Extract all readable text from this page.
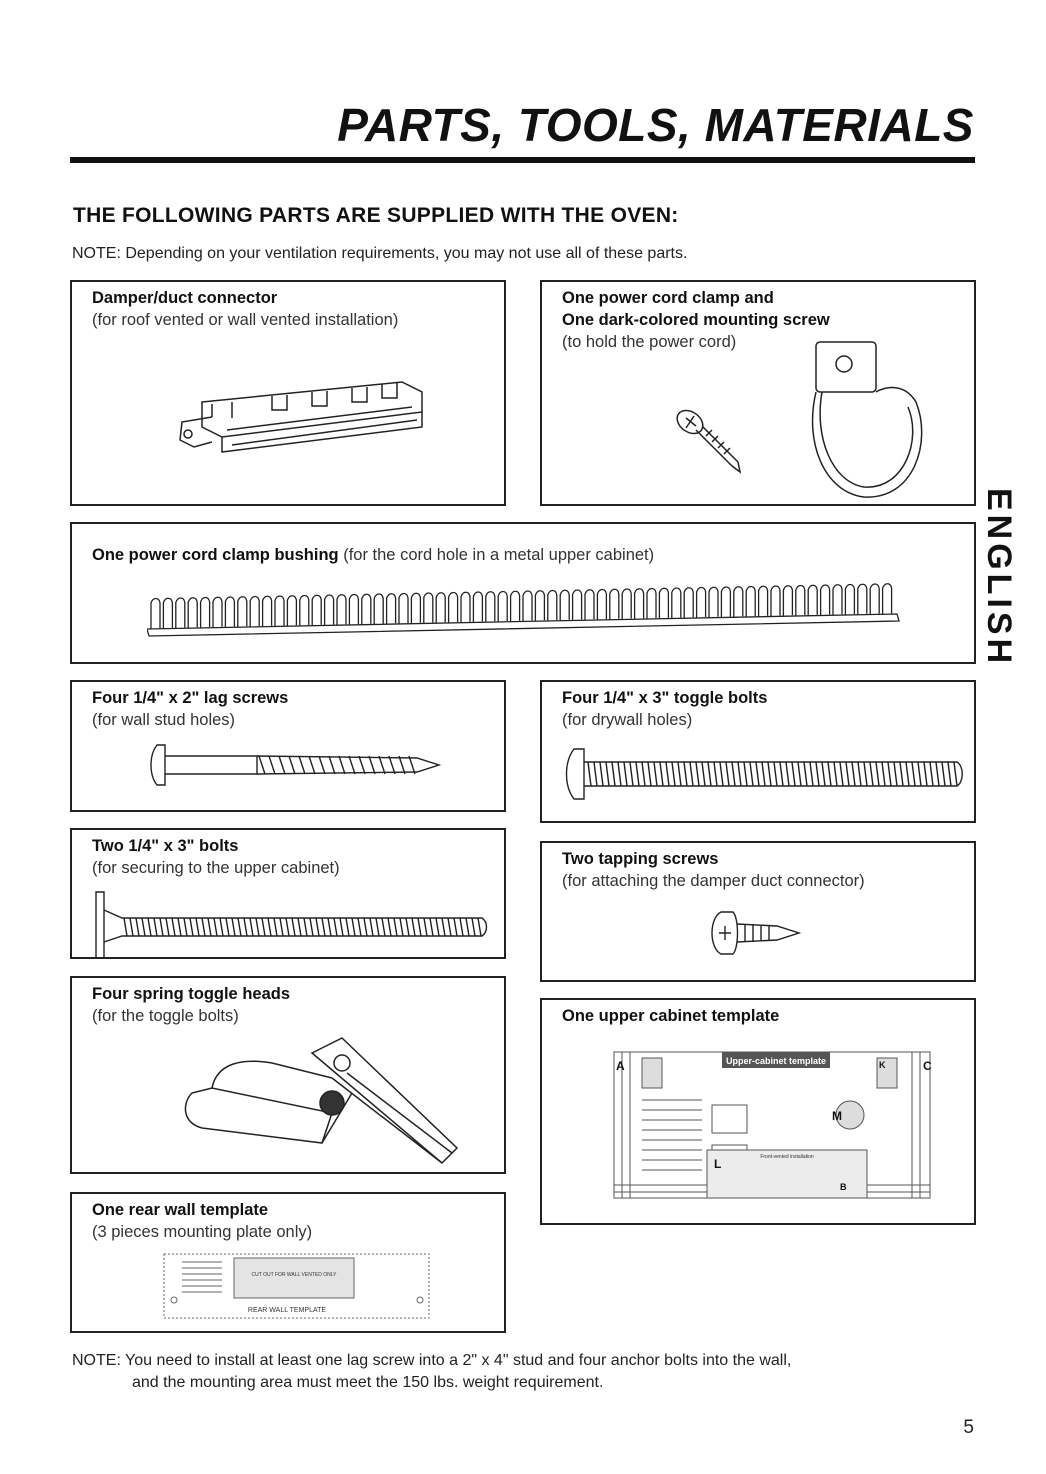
PARTS, TOOLS, MATERIALS
THE FOLLOWING PARTS ARE SUPPLIED WITH THE OVEN:
NOTE: Depending on your ventilation requirements, you may not use all of these parts.
Damper/duct connector
(for roof vented or wall vented installation)
One power cord clamp and
One dark-colored mounting screw
(to hold the power cord)
One power cord clamp bushing (for the cord hole in a metal upper cabinet)
Four 1/4" x 2" lag screws
(for wall stud holes)
Four 1/4" x 3" toggle bolts
(for drywall holes)
Two 1/4" x 3" bolts
(for securing to the upper cabinet)	Two tapping screws
(for attaching the damper duct connector)
Four spring toggle heads
(for the toggle bolts)	One upper cabinet template
Upper-cabinet template
A	C
K
M
L
B
Front-vented installation
One rear wall template
(3 pieces mounting plate only)
CUT OUT FOR WALL VENTED ONLY
REAR WALL TEMPLATE
ENGLISH
NOTE: You need to install at least one lag screw into a 2" x 4" stud and four anchor bolts into the wall,
and the mounting area must meet the 150 lbs. weight requirement.
5
